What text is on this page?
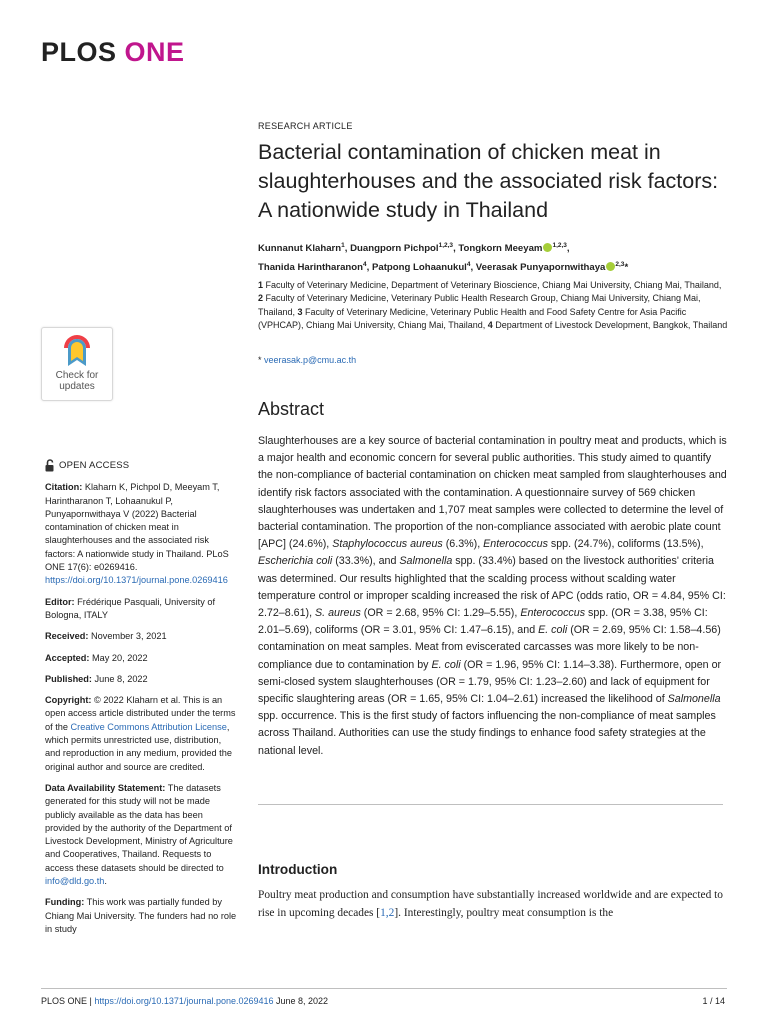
PLOS ONE
Check for
updates

OPEN ACCESS

Citation: Klaharn K, Pichpol D, Meeyam T, Harintharanon T, Lohaanukul P, Punyapornwithaya V (2022) Bacterial contamination of chicken meat in slaughterhouses and the associated risk factors: A nationwide study in Thailand. PLoS ONE 17(6): e0269416. https://doi.org/10.1371/journal.pone.0269416

Editor: Frédérique Pasquali, University of Bologna, ITALY

Received: November 3, 2021

Accepted: May 20, 2022

Published: June 8, 2022

Copyright: © 2022 Klaharn et al. This is an open access article distributed under the terms of the Creative Commons Attribution License, which permits unrestricted use, distribution, and reproduction in any medium, provided the original author and source are credited.

Data Availability Statement: The datasets generated for this study will not be made publicly available as the data has been provided by the authority of the Department of Livestock Development, Ministry of Agriculture and Cooperatives, Thailand. Requests to access these datasets should be directed to info@dld.go.th.

Funding: This work was partially funded by Chiang Mai University. The funders had no role in study

RESEARCH ARTICLE
Bacterial contamination of chicken meat in slaughterhouses and the associated risk factors: A nationwide study in Thailand
Kunnanut Klaharn$^1$, Duangporn Pichpol$^{1,2,3}$, Tongkorn Meeyam $^{1,2,3}$,
Thanida Harintharanon$^4$, Patpong Lohaanukul$^4$, Veerasak Punyapornwithaya $^{2,3}$*
1 Faculty of Veterinary Medicine, Department of Veterinary Bioscience, Chiang Mai University, Chiang Mai, Thailand, 2 Faculty of Veterinary Medicine, Veterinary Public Health Research Group, Chiang Mai University, Chiang Mai, Thailand, 3 Faculty of Veterinary Medicine, Veterinary Public Health and Food Safety Centre for Asia Pacific (VPHCAP), Chiang Mai University, Chiang Mai, Thailand, 4 Department of Livestock Development, Bangkok, Thailand
* veerasak.p@cmu.ac.th
Abstract

Slaughterhouses are a key source of bacterial contamination in poultry meat and products, which is a major health and economic concern for several public authorities. This study aimed to quantify the non-compliance of bacterial contamination on chicken meat sampled from slaughterhouses and identify risk factors associated with the contamination. A questionnaire survey of 569 chicken slaughterhouses was undertaken and 1,707 meat samples were collected to determine the level of bacterial contamination. The proportion of the non-compliance associated with aerobic plate count [APC] (24.6%), Staphylococcus aureus (6.3%), Enterococcus spp. (24.7%), coliforms (13.5%), Escherichia coli (33.3%), and Salmonella spp. (33.4%) based on the livestock authorities' criteria was determined. Our results highlighted that the scalding process without scalding water temperature control or improper scalding increased the risk of APC (odds ratio, OR = 4.84, 95% CI: 2.72–8.61), S. aureus (OR = 2.68, 95% CI: 1.29–5.55), Enterococcus spp. (OR = 3.38, 95% CI: 2.01–5.69), coliforms (OR = 3.01, 95% CI: 1.47–6.15), and E. coli (OR = 2.69, 95% CI: 1.58–4.56) contamination on meat samples. Meat from eviscerated carcasses was more likely to be non-compliance due to contamination by E. coli (OR = 1.96, 95% CI: 1.14–3.38). Furthermore, open or semi-closed system slaughterhouses (OR = 1.79, 95% CI: 1.23–2.60) and lack of equipment for specific slaughtering areas (OR = 1.65, 95% CI: 1.04–2.61) increased the likelihood of Salmonella spp. occurrence. This is the first study of factors influencing the non-compliance of meat samples across Thailand. Authorities can use the study findings to enhance food safety strategies at the national level.

Introduction

Poultry meat production and consumption have substantially increased worldwide and are expected to rise in upcoming decades [1,2]. Interestingly, poultry meat consumption is the

PLOS ONE | https://doi.org/10.1371/journal.pone.0269416 June 8, 2022	1 / 14
